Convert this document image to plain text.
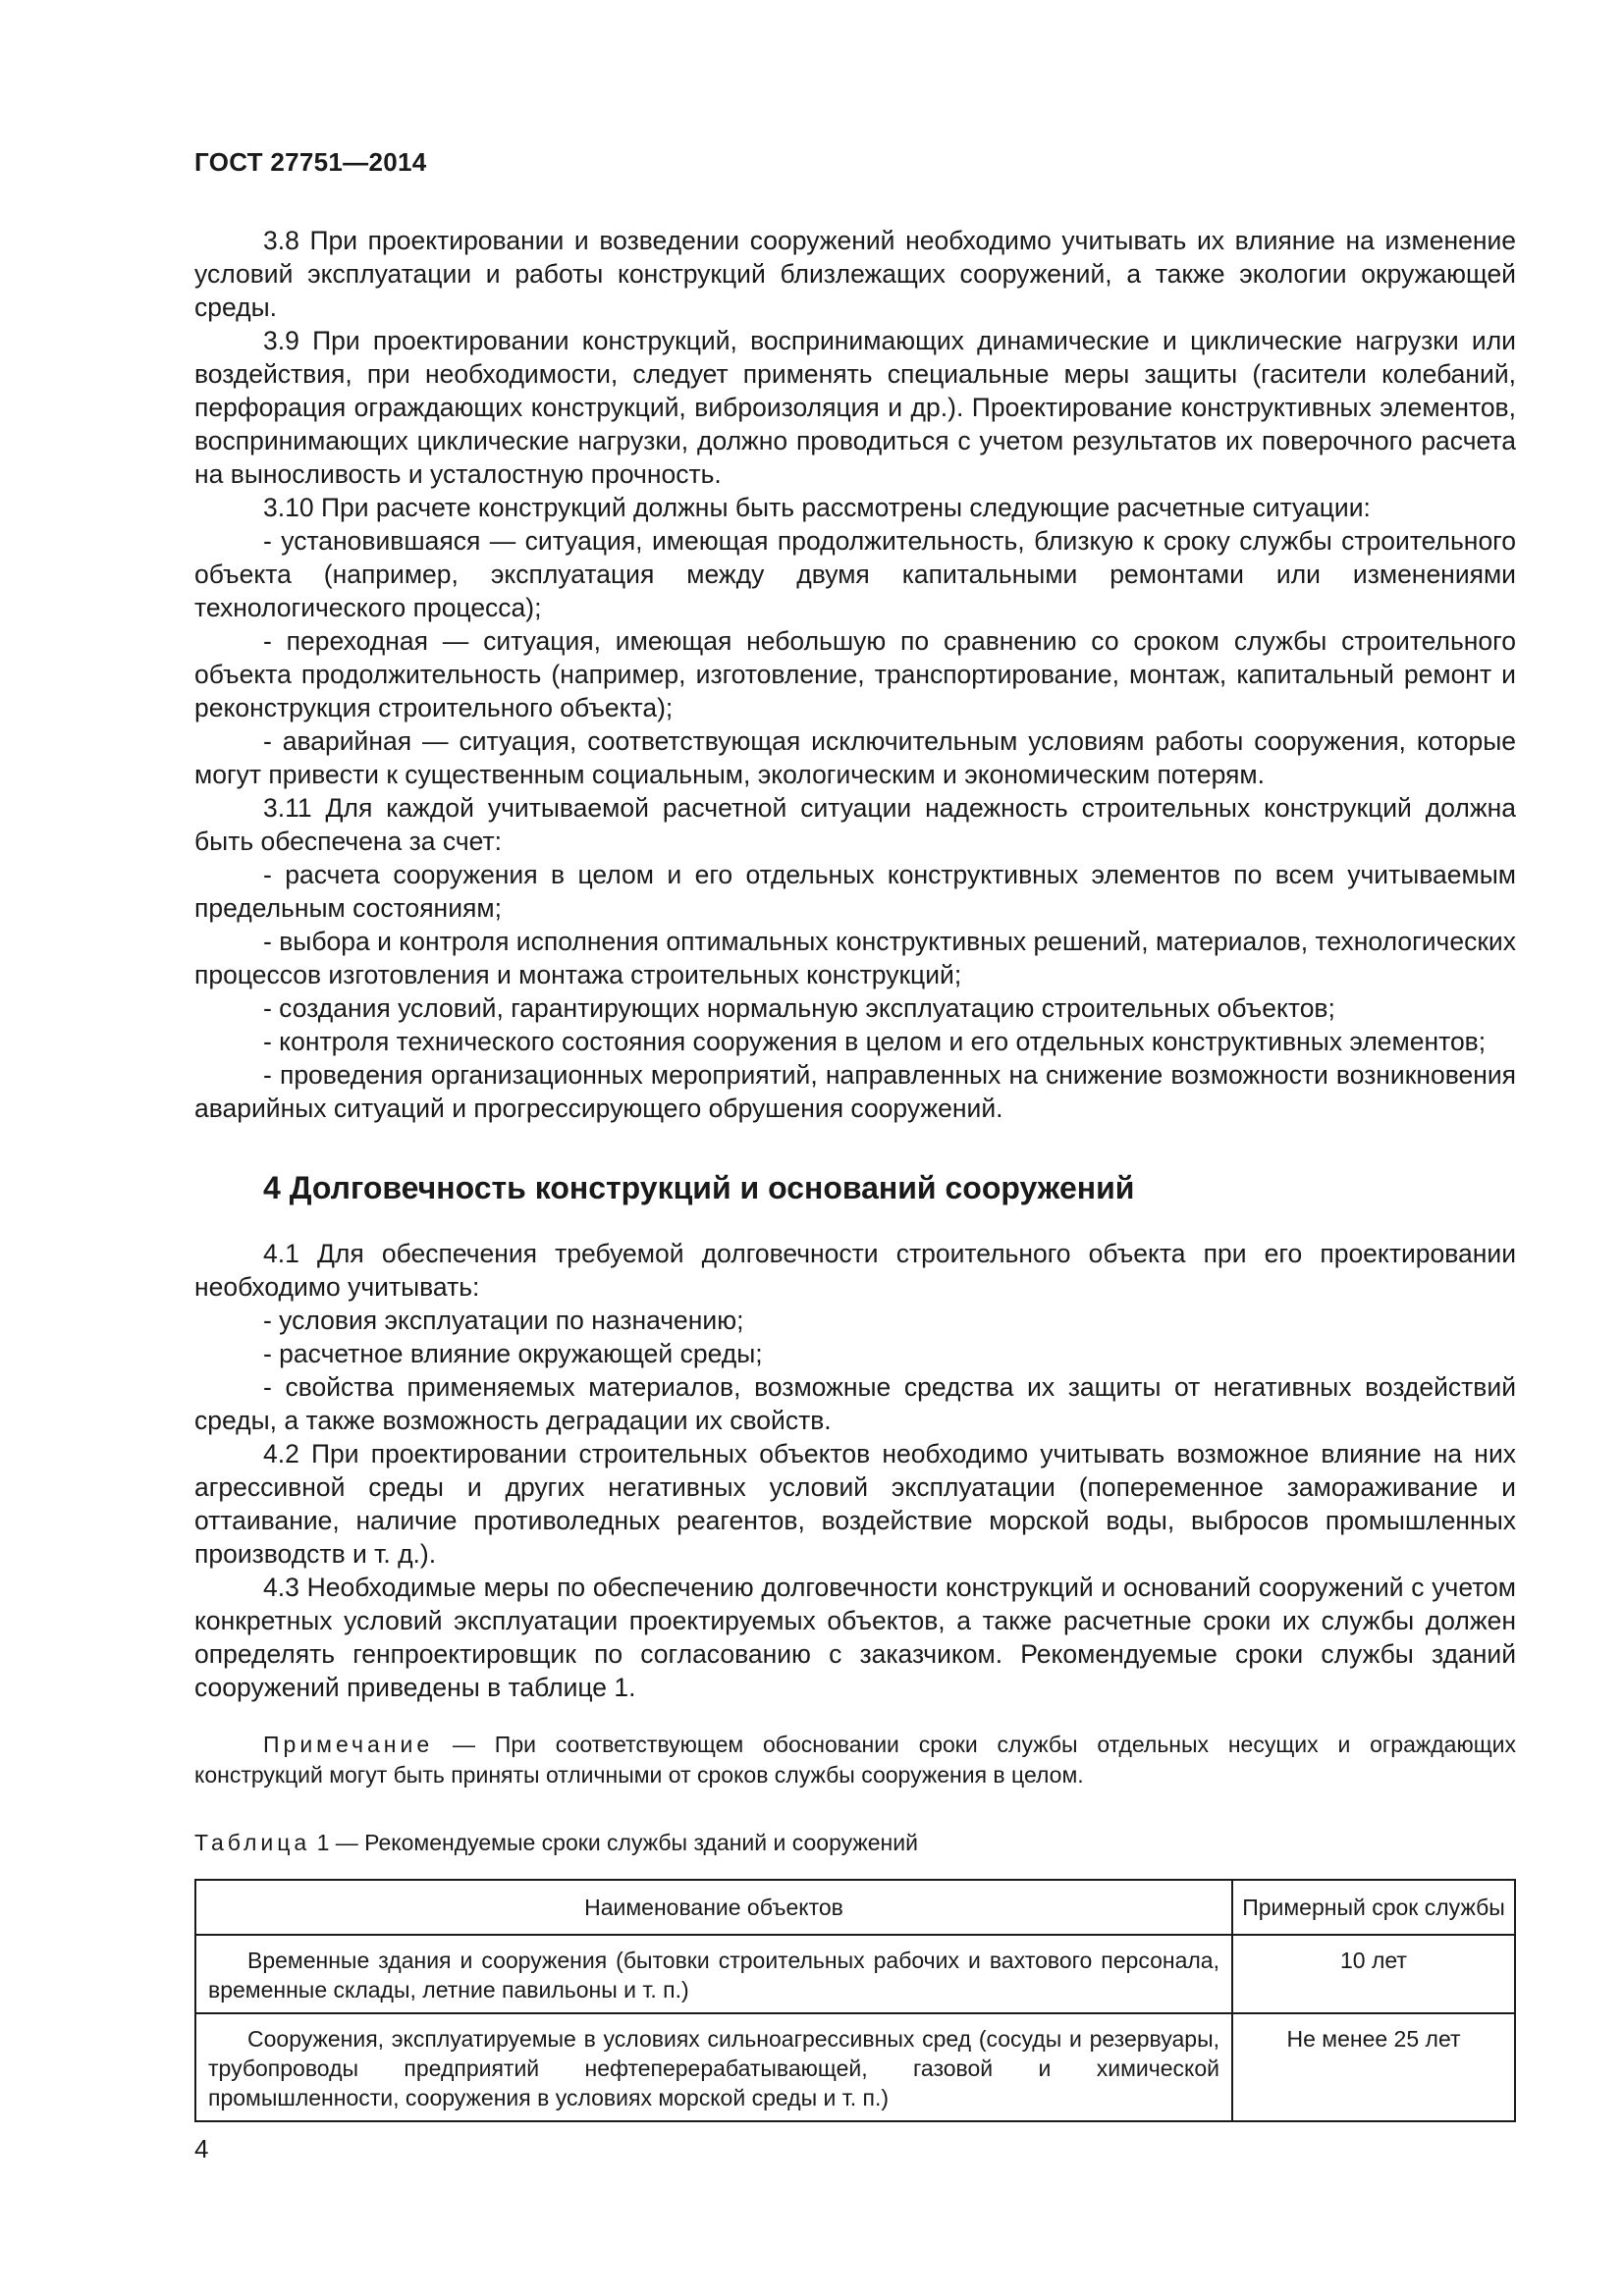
ГОСТ 27751—2014

3.8 При проектировании и возведении сооружений необходимо учитывать их влияние на изменение условий эксплуатации и работы конструкций близлежащих сооружений, а также экологии окружающей среды.

3.9 При проектировании конструкций, воспринимающих динамические и циклические нагрузки или воздействия, при необходимости, следует применять специальные меры защиты (гасители колебаний, перфорация ограждающих конструкций, виброизоляция и др.). Проектирование конструктивных элементов, воспринимающих циклические нагрузки, должно проводиться с учетом результатов их поверочного расчета на выносливость и усталостную прочность.

3.10 При расчете конструкций должны быть рассмотрены следующие расчетные ситуации:

- установившаяся — ситуация, имеющая продолжительность, близкую к сроку службы строительного объекта (например, эксплуатация между двумя капитальными ремонтами или изменениями технологического процесса);

- переходная — ситуация, имеющая небольшую по сравнению со сроком службы строительного объекта продолжительность (например, изготовление, транспортирование, монтаж, капитальный ремонт и реконструкция строительного объекта);

- аварийная — ситуация, соответствующая исключительным условиям работы сооружения, которые могут привести к существенным социальным, экологическим и экономическим потерям.

3.11 Для каждой учитываемой расчетной ситуации надежность строительных конструкций должна быть обеспечена за счет:

- расчета сооружения в целом и его отдельных конструктивных элементов по всем учитываемым предельным состояниям;

- выбора и контроля исполнения оптимальных конструктивных решений, материалов, технологических процессов изготовления и монтажа строительных конструкций;

- создания условий, гарантирующих нормальную эксплуатацию строительных объектов;

- контроля технического состояния сооружения в целом и его отдельных конструктивных элементов;

- проведения организационных мероприятий, направленных на снижение возможности возникновения аварийных ситуаций и прогрессирующего обрушения сооружений.

4 Долговечность конструкций и оснований сооружений

4.1 Для обеспечения требуемой долговечности строительного объекта при его проектировании необходимо учитывать:

- условия эксплуатации по назначению;

- расчетное влияние окружающей среды;

- свойства применяемых материалов, возможные средства их защиты от негативных воздействий среды, а также возможность деградации их свойств.

4.2 При проектировании строительных объектов необходимо учитывать возможное влияние на них агрессивной среды и других негативных условий эксплуатации (попеременное замораживание и оттаивание, наличие противоледных реагентов, воздействие морской воды, выбросов промышленных производств и т. д.).

4.3 Необходимые меры по обеспечению долговечности конструкций и оснований сооружений с учетом конкретных условий эксплуатации проектируемых объектов, а также расчетные сроки их службы должен определять генпроектировщик по согласованию с заказчиком. Рекомендуемые сроки службы зданий сооружений приведены в таблице 1.

Примечание — При соответствующем обосновании сроки службы отдельных несущих и ограждающих конструкций могут быть приняты отличными от сроков службы сооружения в целом.
Таблица 1 — Рекомендуемые сроки службы зданий и сооружений
Наименование объектов	Примерный срок службы
Временные здания и сооружения (бытовки строительных рабочих и вахтового персонала, временные склады, летние павильоны и т. п.)	10 лет
Сооружения, эксплуатируемые в условиях сильноагрессивных сред (сосуды и резервуары, трубопроводы предприятий нефтеперерабатывающей, газовой и химической промышленности, сооружения в условиях морской среды и т. п.)	Не менее 25 лет
4
